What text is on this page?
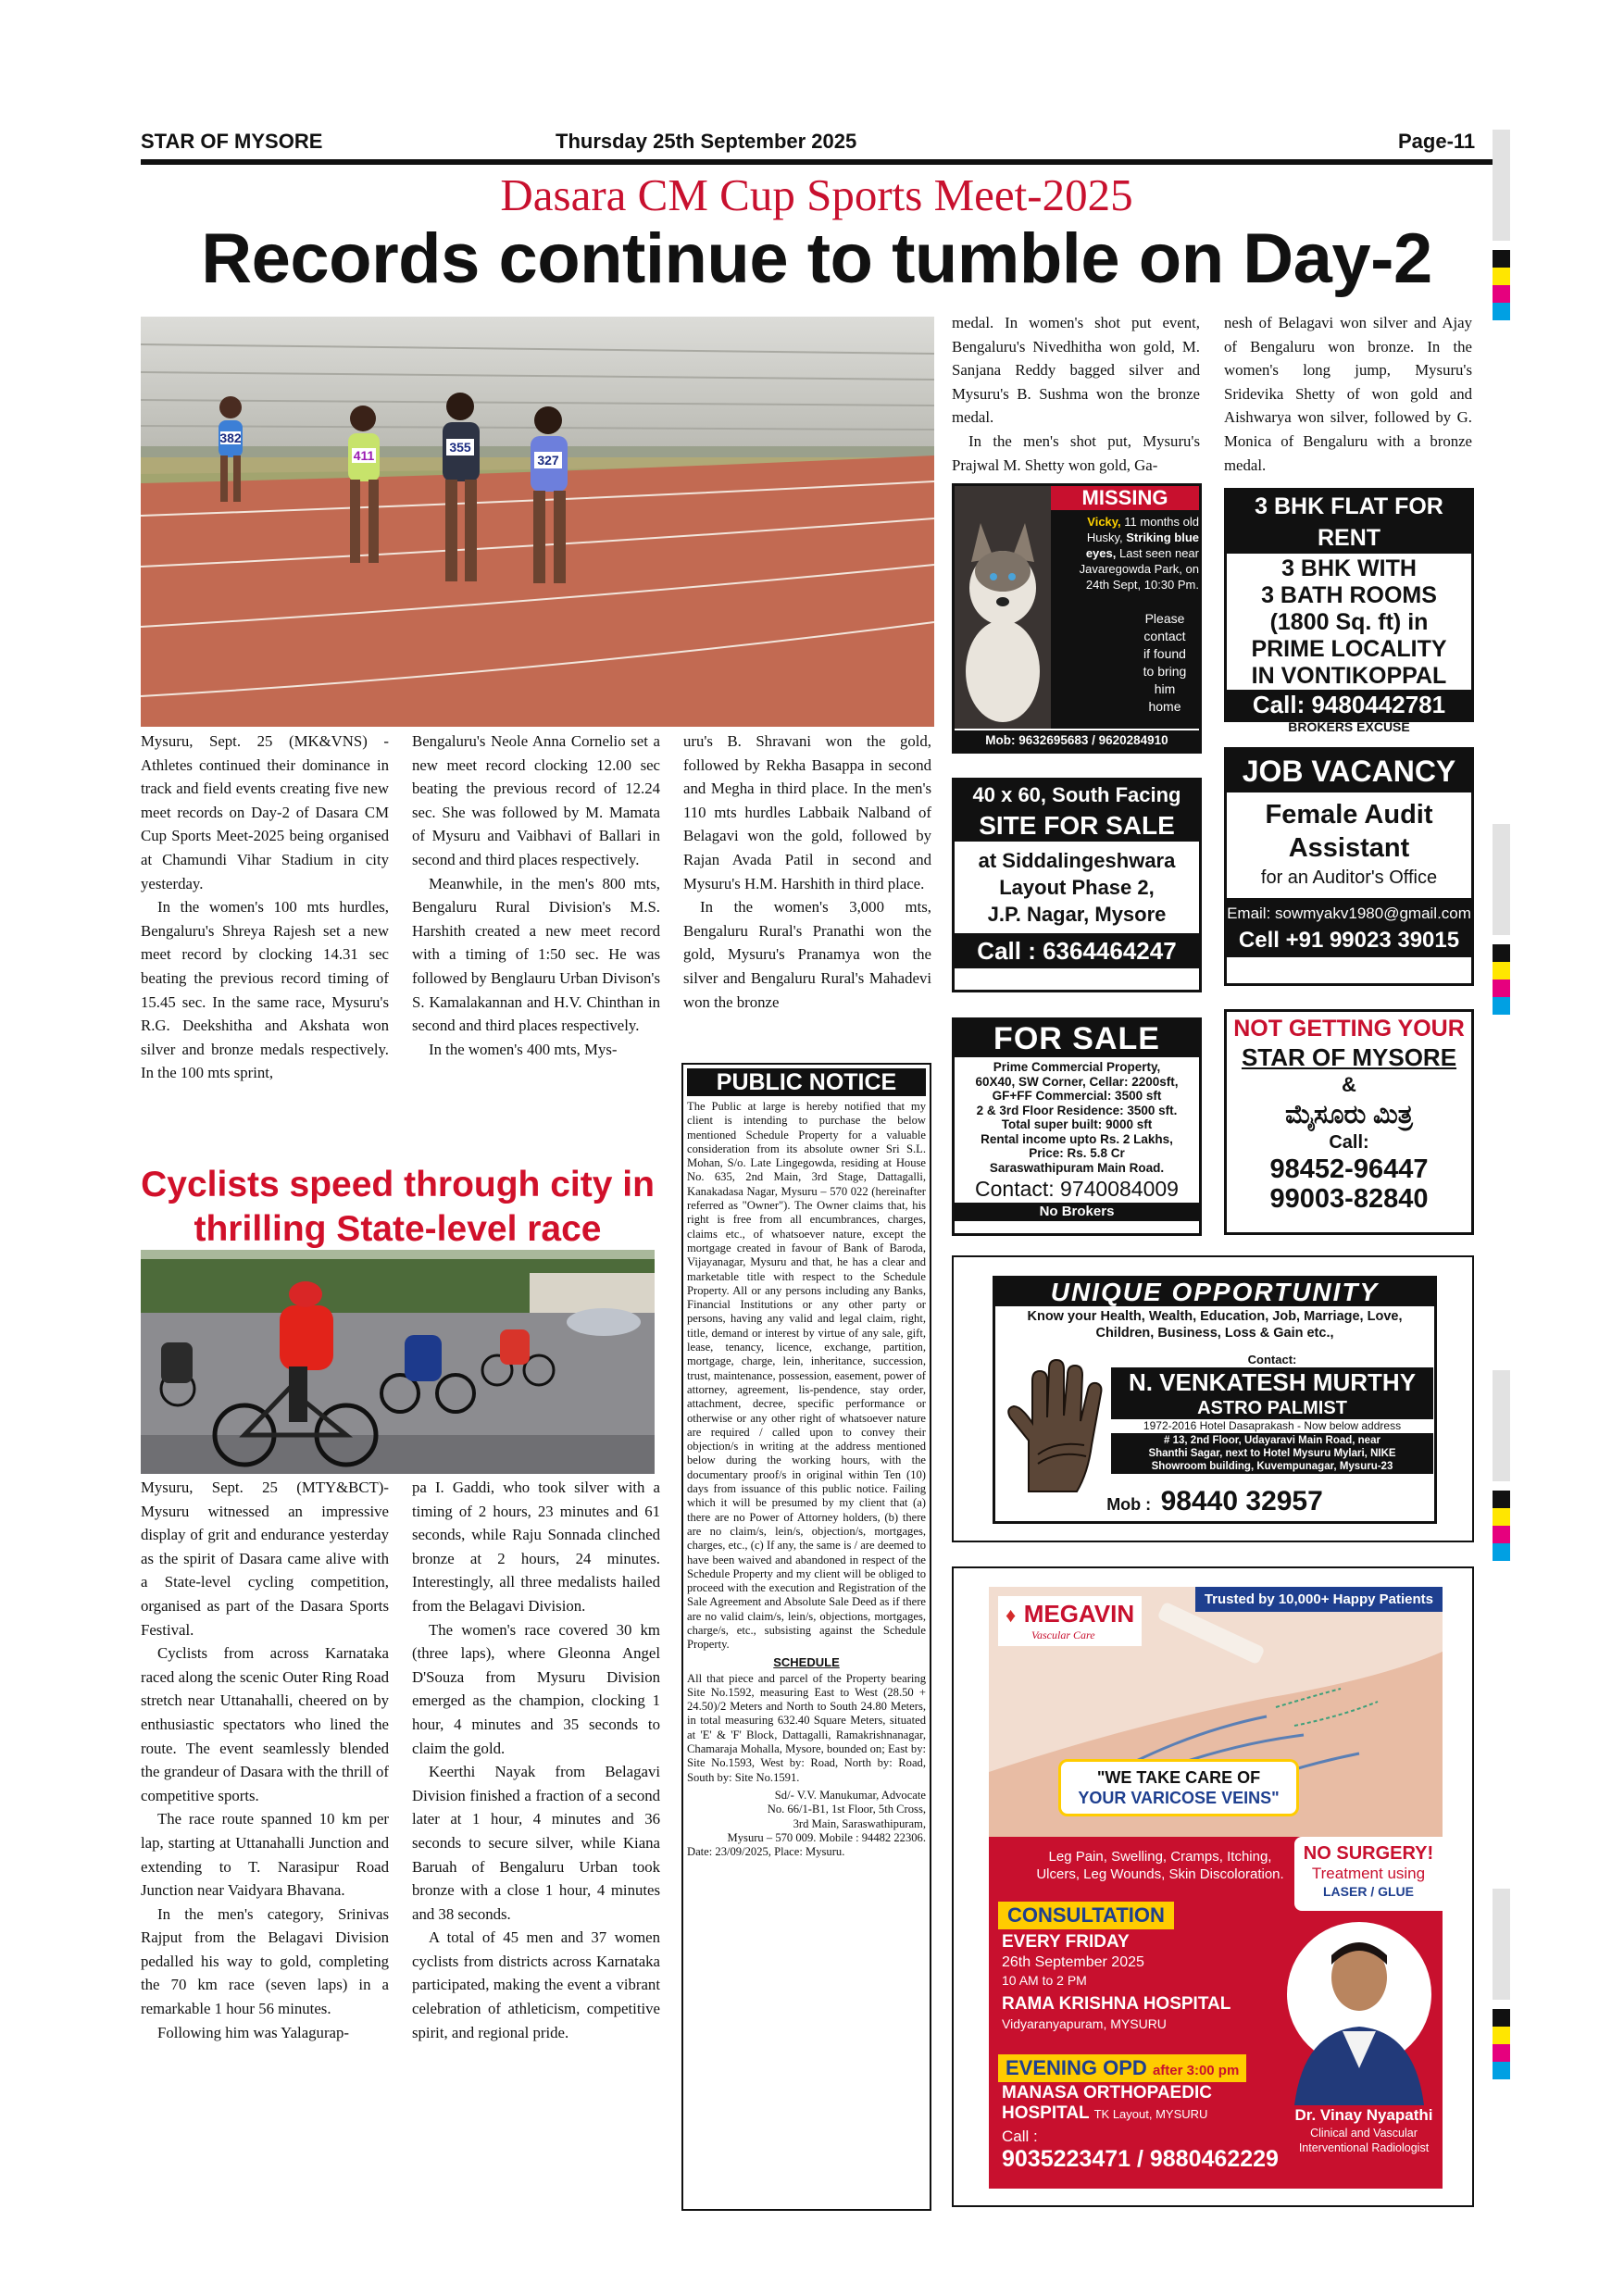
STAR OF MYSORE	Thursday 25th September 2025	Page-11
Dasara CM Cup Sports Meet-2025
Records continue to tumble on Day-2
382
411
355
327

Mysuru, Sept. 25 (MK&VNS) - Athletes continued their dominance in track and field events creating five new meet records on Day-2 of Dasara CM Cup Sports Meet-2025 being organised at Chamundi Vihar Stadium in city yesterday.

In the women's 100 mts hurdles, Bengaluru's Shreya Rajesh set a new meet record by clocking 14.31 sec beating the previous record timing of 15.45 sec. In the same race, Mysuru's R.G. Deekshitha and Akshata won silver and bronze medals respectively. In the 100 mts sprint,

Bengaluru's Neole Anna Cornelio set a new meet record clocking 12.00 sec beating the previous record of 12.24 sec. She was followed by M. Mamata of Mysuru and Vaibhavi of Ballari in second and third places respectively.

Meanwhile, in the men's 800 mts, Bengaluru Rural Division's M.S. Harshith created a new meet record with a timing of 1:50 sec. He was followed by Benglauru Urban Divison's S. Kamalakannan and H.V. Chinthan in second and third places respectively.

In the women's 400 mts, Mys-

uru's B. Shravani won the gold, followed by Rekha Basappa in second and Megha in third place. In the men's 110 mts hurdles Labbaik Nalband of Belagavi won the gold, followed by Rajan Avada Patil in second and Mysuru's H.M. Harshith in third place.

In the women's 3,000 mts, Bengaluru Rural's Pranathi won the gold, Mysuru's Pranamya won the silver and Bengaluru Rural's Mahadevi won the bronze

medal. In women's shot put event, Bengaluru's Nivedhitha won gold, M. Sanjana Reddy bagged silver and Mysuru's B. Sushma won the bronze medal.

In the men's shot put, Mysuru's Prajwal M. Shetty won gold, Ga-

nesh of Belagavi won silver and Ajay of Bengaluru won bronze. In the women's long jump, Mysuru's Sridevika Shetty of won gold and Aishwarya won silver, followed by G. Monica of Bengaluru with a bronze medal.

Cyclists speed through city in thrilling State-level race

Mysuru, Sept. 25 (MTY&BCT)- Mysuru witnessed an impressive display of grit and endurance yesterday as the spirit of Dasara came alive with a State-level cycling competition, organised as part of the Dasara Sports Festival.

Cyclists from across Karnataka raced along the scenic Outer Ring Road stretch near Uttanahalli, cheered on by enthusiastic spectators who lined the route. The event seamlessly blended the grandeur of Dasara with the thrill of competitive sports.

The race route spanned 10 km per lap, starting at Uttanahalli Junction and extending to T. Narasipur Road Junction near Vaidyara Bhavana.

In the men's category, Srinivas Rajput from the Belagavi Division pedalled his way to gold, completing the 70 km race (seven laps) in a remarkable 1 hour 56 minutes.

Following him was Yalagurap-

pa I. Gaddi, who took silver with a timing of 2 hours, 23 minutes and 61 seconds, while Raju Sonnada clinched bronze at 2 hours, 24 minutes. Interestingly, all three medalists hailed from the Belagavi Division.

The women's race covered 30 km (three laps), where Gleonna Angel D'Souza from Mysuru Division emerged as the champion, clocking 1 hour, 4 minutes and 35 seconds to claim the gold.

Keerthi Nayak from Belagavi Division finished a fraction of a second later at 1 hour, 4 minutes and 36 seconds to secure silver, while Kiana Baruah of Bengaluru Urban took bronze with a close 1 hour, 4 minutes and 38 seconds.

A total of 45 men and 37 women cyclists from districts across Karnataka participated, making the event a vibrant celebration of athleticism, competitive spirit, and regional pride.

PUBLIC NOTICE
The Public at large is hereby notified that my client is intending to purchase the below mentioned Schedule Property for a valuable consideration from its absolute owner Sri S.L. Mohan, S/o. Late Lingegowda, residing at House No. 635, 2nd Main, 3rd Stage, Dattagalli, Kanakadasa Nagar, Mysuru – 570 022 (hereinafter referred as "Owner"). The Owner claims that, his right is free from all encumbrances, charges, claims etc., of whatsoever nature, except the mortgage created in favour of Bank of Baroda, Vijayanagar, Mysuru and that, he has a clear and marketable title with respect to the Schedule Property. All or any persons including any Banks, Financial Institutions or any other party or persons, having any valid and legal claim, right, title, demand or interest by virtue of any sale, gift, lease, tenancy, licence, exchange, partition, mortgage, charge, lein, inheritance, succession, trust, maintenance, possession, easement, power of attorney, agreement, lis-pendence, stay order, attachment, decree, specific performance or otherwise or any other right of whatsoever nature are required / called upon to convey their objection/s in writing at the address mentioned below during the working hours, with the documentary proof/s in original within Ten (10) days from issuance of this public notice. Failing which it will be presumed by my client that (a) there are no Power of Attorney holders, (b) there are no claim/s, lein/s, objection/s, mortgages, charges, etc., (c) If any, the same is / are deemed to have been waived and abandoned in respect of the Schedule Property and my client will be obliged to proceed with the execution and Registration of the Sale Agreement and Absolute Sale Deed as if there are no valid claim/s, lein/s, objections, mortgages, charge/s, etc., subsisting against the Schedule Property.
SCHEDULE
All that piece and parcel of the Property bearing Site No.1592, measuring East to West (28.50 + 24.50)/2 Meters and North to South 24.80 Meters, in total measuring 632.40 Square Meters, situated at 'E' & 'F' Block, Dattagalli, Ramakrishnanagar, Chamaraja Mohalla, Mysore, bounded on; East by: Site No.1593, West by: Road, North by: Road, South by: Site No.1591.
Sd/- V.V. Manukumar, Advocate
No. 66/1-B1, 1st Floor, 5th Cross,
3rd Main, Saraswathipuram,
Mysuru – 570 009. Mobile : 94482 22306.
Date: 23/09/2025, Place: Mysuru.
MISSING
Vicky, 11 months old Husky, Striking blue eyes, Last seen near Javaregowda Park, on 24th Sept, 10:30 Pm.
Please
contact
if found
to bring
him
home
Mob: 9632695683 / 9620284910
3 BHK FLAT FOR RENT
3 BHK WITH
3 BATH ROOMS
(1800 Sq. ft) in
PRIME LOCALITY
IN VONTIKOPPAL
Call: 9480442781
BROKERS EXCUSE
40 x 60, South Facing
SITE FOR SALE
at Siddalingeshwara
Layout Phase 2,
J.P. Nagar, Mysore
Call : 6364464247
JOB VACANCY
Female Audit
Assistant
for an Auditor's Office
Email: sowmyakv1980@gmail.com
Cell +91 99023 39015
FOR SALE
Prime Commercial Property,
60X40, SW Corner, Cellar: 2200sft,
GF+FF Commercial: 3500 sft
2 & 3rd Floor Residence: 3500 sft.
Total super built: 9000 sft
Rental income upto Rs. 2 Lakhs,
Price: Rs. 5.8 Cr
Saraswathipuram Main Road.
Contact: 9740084009
No Brokers
NOT GETTING YOUR
STAR OF MYSORE
&
ಮೈಸೂರು ಮಿತ್ರ
Call:
98452-96447
99003-82840
UNIQUE OPPORTUNITY
Know your Health, Wealth, Education, Job, Marriage, Love, Children, Business, Loss & Gain etc.,
Contact:
N. VENKATESH MURTHY
ASTRO PALMIST
1972-2016 Hotel Dasaprakash - Now below address
# 13, 2nd Floor, Udayaravi Main Road, near
Shanthi Sagar, next to Hotel Mysuru Mylari, NIKE
Showroom building, Kuvempunagar, Mysuru-23
Mob : 98440 32957
♦ MEGAVIN
Vascular Care
Trusted by 10,000+ Happy Patients
"WE TAKE CARE OF
YOUR VARICOSE VEINS"
Leg Pain, Swelling, Cramps, Itching, Ulcers, Leg Wounds, Skin Discoloration.
NO SURGERY!
Treatment using
LASER / GLUE
CONSULTATION
EVERY FRIDAY
26th September 2025
10 AM to 2 PM
RAMA KRISHNA HOSPITAL
Vidyaranyapuram, MYSURU
EVENING OPD after 3:00 pm
MANASA ORTHOPAEDIC
HOSPITAL TK Layout, MYSURU
Call :
9035223471 / 9880462229
Dr. Vinay Nyapathi
Clinical and Vascular
Interventional Radiologist
